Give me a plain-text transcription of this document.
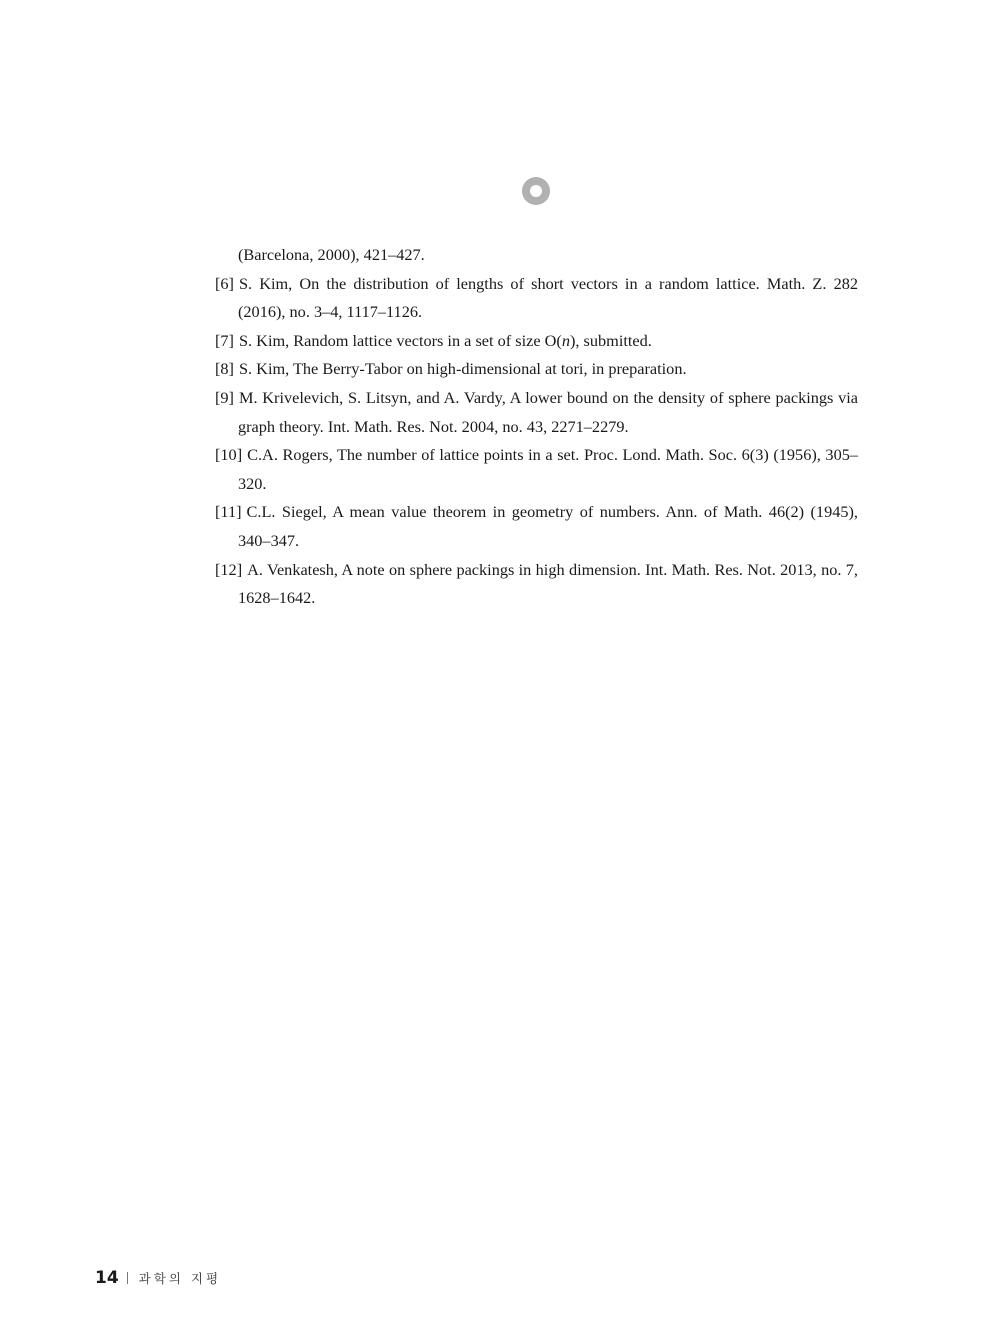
(Barcelona, 2000), 421–427.

[6] S. Kim, On the distribution of lengths of short vectors in a random lattice. Math. Z. 282 (2016), no. 3–4, 1117–1126.

[7] S. Kim, Random lattice vectors in a set of size O(n), submitted.

[8] S. Kim, The Berry-Tabor on high-dimensional at tori, in preparation.

[9] M. Krivelevich, S. Litsyn, and A. Vardy, A lower bound on the density of sphere packings via graph theory. Int. Math. Res. Not. 2004, no. 43, 2271–2279.

[10] C.A. Rogers, The number of lattice points in a set. Proc. Lond. Math. Soc. 6(3) (1956), 305–320.

[11] C.L. Siegel, A mean value theorem in geometry of numbers. Ann. of Math. 46(2) (1945), 340–347.

[12] A. Venkatesh, A note on sphere packings in high dimension. Int. Math. Res. Not. 2013, no. 7, 1628–1642.

14 과학의 지평
